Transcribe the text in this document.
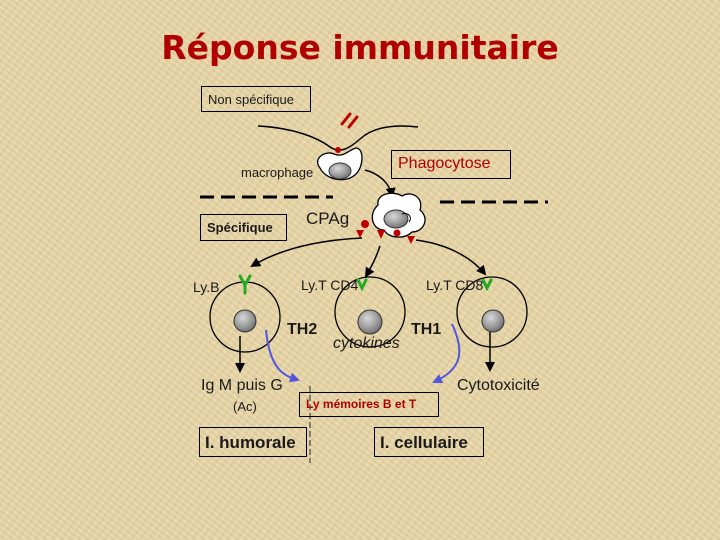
Réponse immunitaire
Non spécifique
macrophage
Phagocytose
Spécifique CPAg
Ly.B	Ly.T CD4	Ly.T CD8
TH2	TH1
cytokines
Ig M puis G
(Ac)
Cytotoxicité
Ly mémoires B et T
I. humorale	I. cellulaire
